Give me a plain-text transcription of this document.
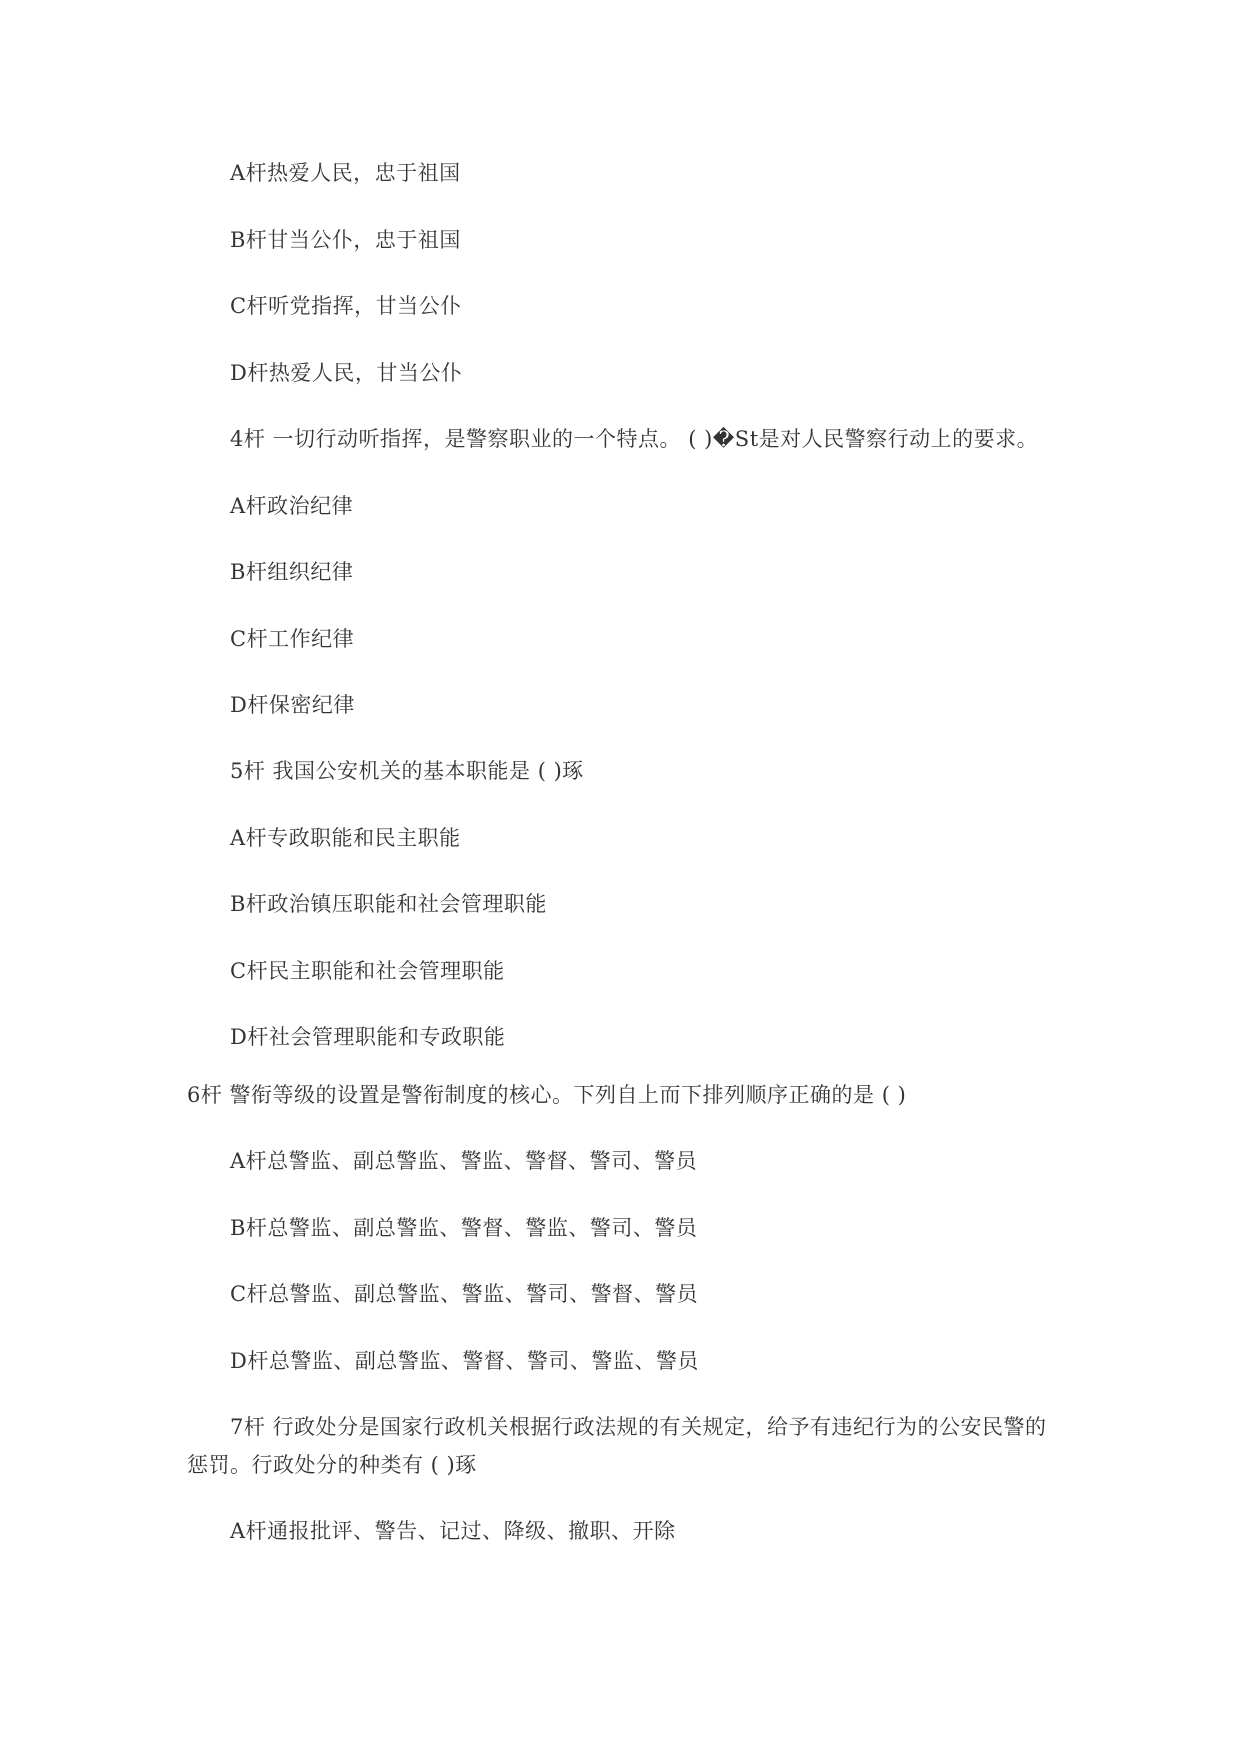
A杆热爱人民，忠于祖国
B杆甘当公仆，忠于祖国
C杆听党指挥，甘当公仆
D杆热爱人民，甘当公仆
4杆 一切行动听指挥，是警察职业的一个特点。 ( )�St是对人民警察行动上的要求。
A杆政治纪律
B杆组织纪律
C杆工作纪律
D杆保密纪律
5杆 我国公安机关的基本职能是 ( )琢
A杆专政职能和民主职能
B杆政治镇压职能和社会管理职能
C杆民主职能和社会管理职能
D杆社会管理职能和专政职能
6杆 警衔等级的设置是警衔制度的核心。下列自上而下排列顺序正确的是 ( )
A杆总警监、副总警监、警监、警督、警司、警员
B杆总警监、副总警监、警督、警监、警司、警员
C杆总警监、副总警监、警监、警司、警督、警员
D杆总警监、副总警监、警督、警司、警监、警员
7杆 行政处分是国家行政机关根据行政法规的有关规定，给予有违纪行为的公安民警的
惩罚。行政处分的种类有 ( )琢
A杆通报批评、警告、记过、降级、撤职、开除
